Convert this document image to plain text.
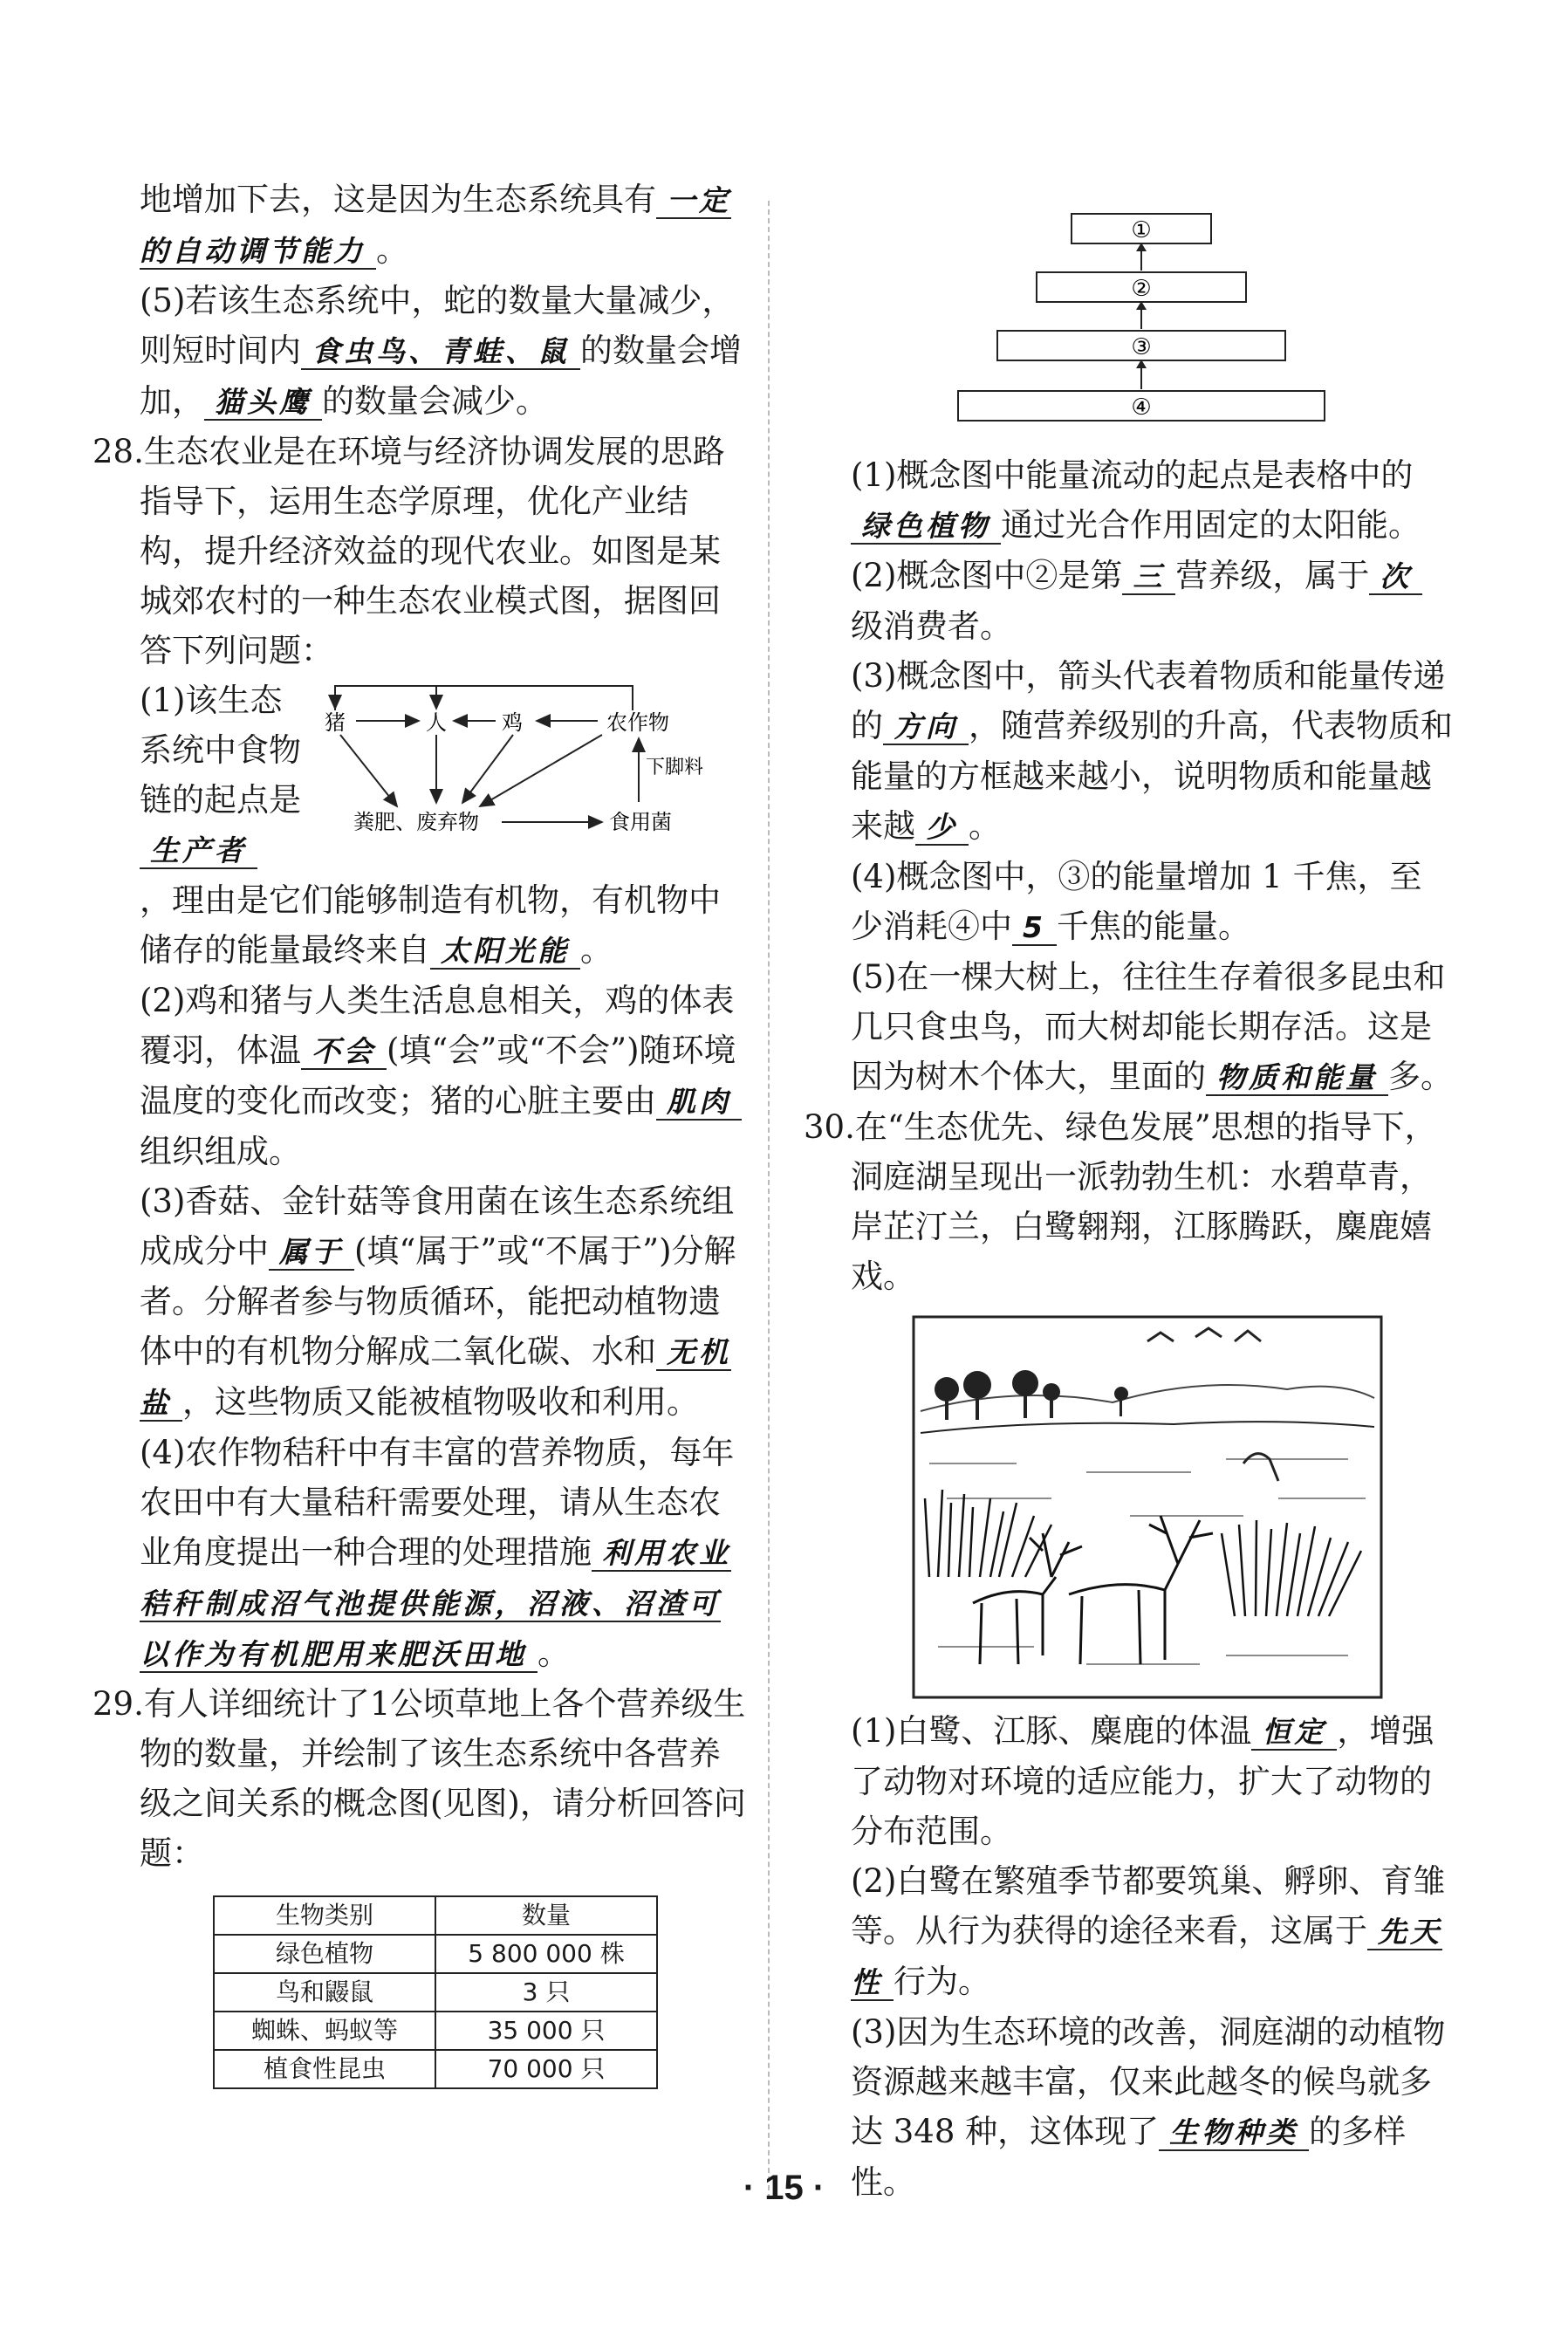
地增加下去，这是因为生态系统具有 一定的自动调节能力 。

(5)若该生态系统中，蛇的数量大量减少，则短时间内 食虫鸟、青蛙、鼠 的数量会增加， 猫头鹰 的数量会减少。

28.生态农业是在环境与经济协调发展的思路指导下，运用生态学原理，优化产业结构，提升经济效益的现代农业。如图是某城郊农村的一种生态农业模式图，据图回答下列问题：

(1)该生态系统中食物链的起点是生产者
猪	人	鸡	农作物
下脚料
粪肥、废弃物	食用菌

，理由是它们能够制造有机物，有机物中储存的能量最终来自 太阳光能 。

(2)鸡和猪与人类生活息息相关，鸡的体表覆羽，体温 不会 (填“会”或“不会”)随环境温度的变化而改变；猪的心脏主要由 肌肉组织组成。

(3)香菇、金针菇等食用菌在该生态系统组成成分中 属于 (填“属于”或“不属于”)分解者。分解者参与物质循环，能把动植物遗体中的有机物分解成二氧化碳、水和 无机盐 ，这些物质又能被植物吸收和利用。

(4)农作物秸秆中有丰富的营养物质，每年农田中有大量秸秆需要处理，请从生态农业角度提出一种合理的处理措施 利用农业秸秆制成沼气池提供能源，沼液、沼渣可以作为有机肥用来肥沃田地 。

29.有人详细统计了1公顷草地上各个营养级生物的数量，并绘制了该生态系统中各营养级之间关系的概念图(见图)，请分析回答问题：

生物类别	数量
绿色植物	5 800 000 株
鸟和鼹鼠	3 只
蜘蛛、蚂蚁等	35 000 只
植食性昆虫	70 000 只
①
②
③
④

(1)概念图中能量流动的起点是表格中的绿色植物 通过光合作用固定的太阳能。

(2)概念图中②是第 三 营养级，属于 次级消费者。

(3)概念图中，箭头代表着物质和能量传递的 方向 ，随营养级别的升高，代表物质和能量的方框越来越小，说明物质和能量越来越 少 。

(4)概念图中，③的能量增加 1 千焦，至少消耗④中 5 千焦的能量。

(5)在一棵大树上，往往生存着很多昆虫和几只食虫鸟，而大树却能长期存活。这是因为树木个体大，里面的 物质和能量 多。

30.在“生态优先、绿色发展”思想的指导下，洞庭湖呈现出一派勃勃生机：水碧草青，岸芷汀兰，白鹭翱翔，江豚腾跃，麋鹿嬉戏。

(1)白鹭、江豚、麋鹿的体温 恒定 ，增强了动物对环境的适应能力，扩大了动物的分布范围。

(2)白鹭在繁殖季节都要筑巢、孵卵、育雏等。从行为获得的途径来看，这属于 先天性 行为。

(3)因为生态环境的改善，洞庭湖的动植物资源越来越丰富，仅来此越冬的候鸟就多达 348 种，这体现了 生物种类 的多样性。

· 15 ·
